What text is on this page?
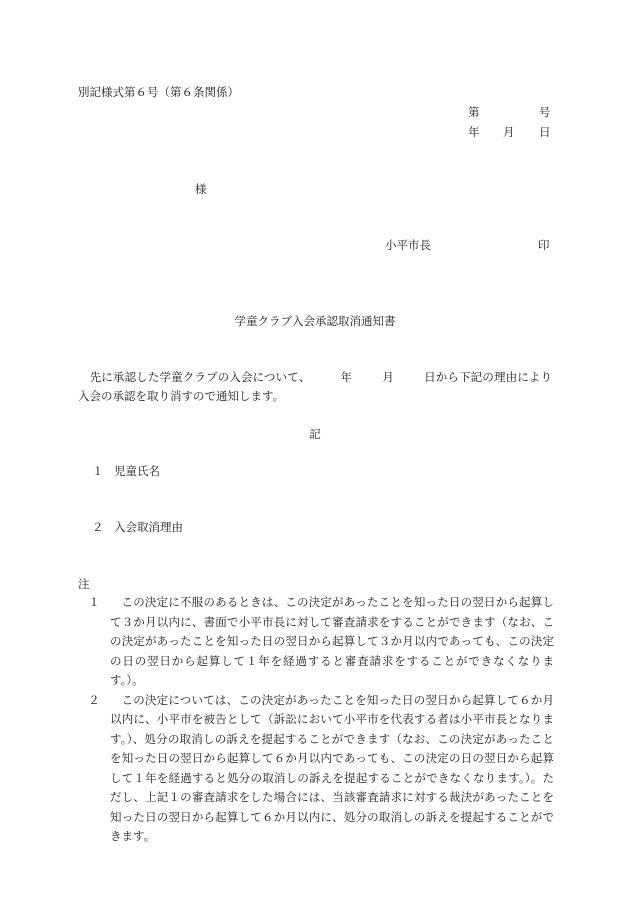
別記様式第６号（第６条関係）
第	号
年 月 日
様
小平市長	印
学童クラブ入会承認取消通知書
先に承認した学童クラブの入会について、	年	月	日から下記の理由により入会の承認を取り消すので通知します。
記
１ 児童氏名
２ 入会取消理由
注
１	この決定に不服のあるときは、この決定があったことを知った日の翌日から起算して３か月以内に、書面で小平市長に対して審査請求をすることができます（なお、この決定があったことを知った日の翌日から起算して３か月以内であっても、この決定の日の翌日から起算して１年を経過すると審査請求をすることができなくなります。）。
２	この決定については、この決定があったことを知った日の翌日から起算して６か月以内に、小平市を被告として（訴訟において小平市を代表する者は小平市長となります。）、処分の取消しの訴えを提起することができます（なお、この決定があったことを知った日の翌日から起算して６か月以内であっても、この決定の日の翌日から起算して１年を経過すると処分の取消しの訴えを提起することができなくなります。）。ただし、上記１の審査請求をした場合には、当該審査請求に対する裁決があったことを知った日の翌日から起算して６か月以内に、処分の取消しの訴えを提起することができます。
